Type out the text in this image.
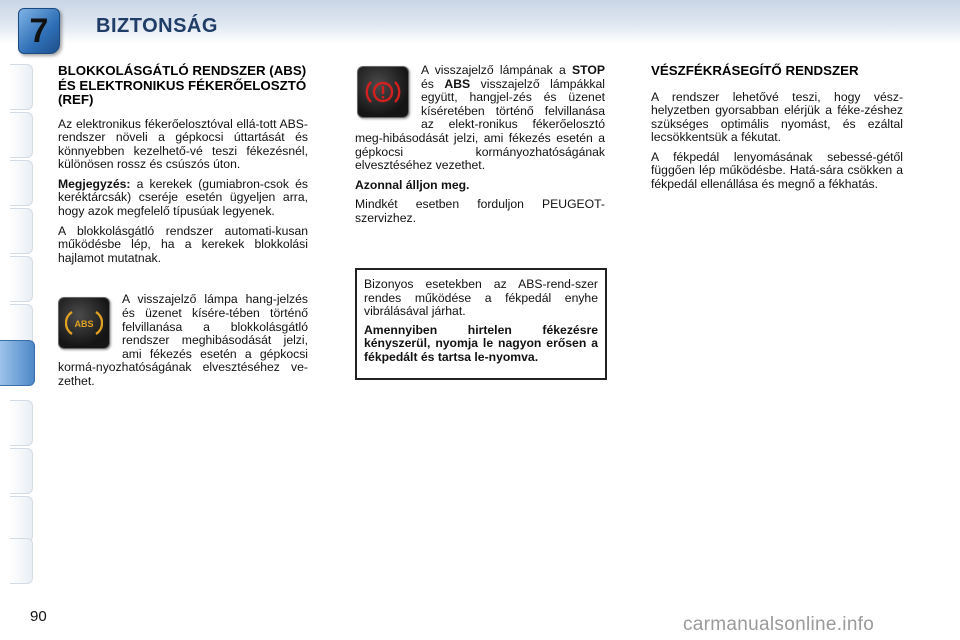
7 BIZTONSÁG
BLOKKOLÁSGÁTLÓ RENDSZER (ABS) ÉS ELEKTRONIKUS FÉKERŐELOSZTÓ (REF)

Az elektronikus fékerőelosztóval ellá-tott ABS-rendszer növeli a gépkocsi úttartását és könnyebben kezelhető-vé teszi fékezésnél, különösen rossz és csúszós úton.

Megjegyzés: a kerekek (gumiabron-csok és keréktárcsák) cseréje esetén ügyeljen arra, hogy azok megfelelő típusúak legyenek.

A blokkolásgátló rendszer automati-kusan működésbe lép, ha a kerekek blokkolási hajlamot mutatnak.

ABS

A visszajelző lámpa hang-jelzés és üzenet kísére-tében történő felvillanása a blokkolásgátló rendszer meghibásodását jelzi, ami fékezés esetén a gépkocsi kormá-nyozhatóságának elvesztéséhez ve-zethet.

A visszajelző lámpának a STOP és ABS visszajelző lámpákkal együtt, hangjel-zés és üzenet kíséretében történő felvillanása az elekt-ronikus fékerőelosztó meg-hibásodását jelzi, ami fékezés esetén a gépkocsi kormányozhatóságának elvesztéséhez vezethet.

Azonnal álljon meg.

Mindkét esetben forduljon PEUGEOT-szervizhez.

Bizonyos esetekben az ABS-rend-szer rendes működése a fékpedál enyhe vibrálásával járhat.

Amennyiben hirtelen fékezésre kényszerül, nyomja le nagyon erősen a fékpedált és tartsa le-nyomva.

VÉSZFÉKRÁSEGÍTŐ RENDSZER

A rendszer lehetővé teszi, hogy vész-helyzetben gyorsabban elérjük a féke-zéshez szükséges optimális nyomást, és ezáltal lecsökkentsük a fékutat.

A fékpedál lenyomásának sebessé-gétől függően lép működésbe. Hatá-sára csökken a fékpedál ellenállása és megnő a fékhatás.

90	carmanualsonline.info
